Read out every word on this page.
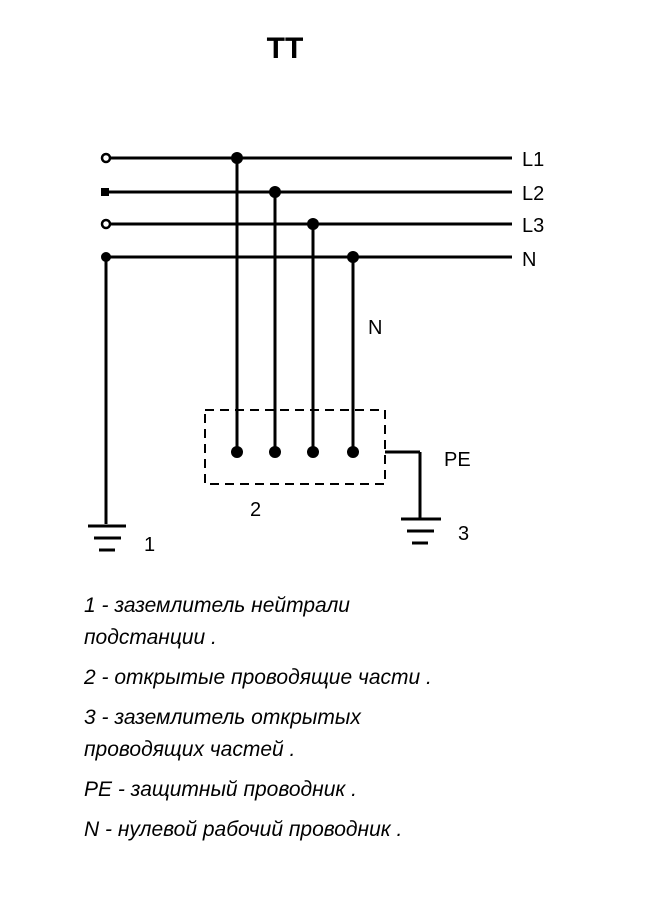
TT
L1
L2
L3
N
N
2
PE
1	3
1 - заземлитель нейтрали
подстанции .
2 - открытые проводящие части .
3 - заземлитель открытых
проводящих частей .
PE - защитный проводник .
N - нулевой рабочий проводник .
